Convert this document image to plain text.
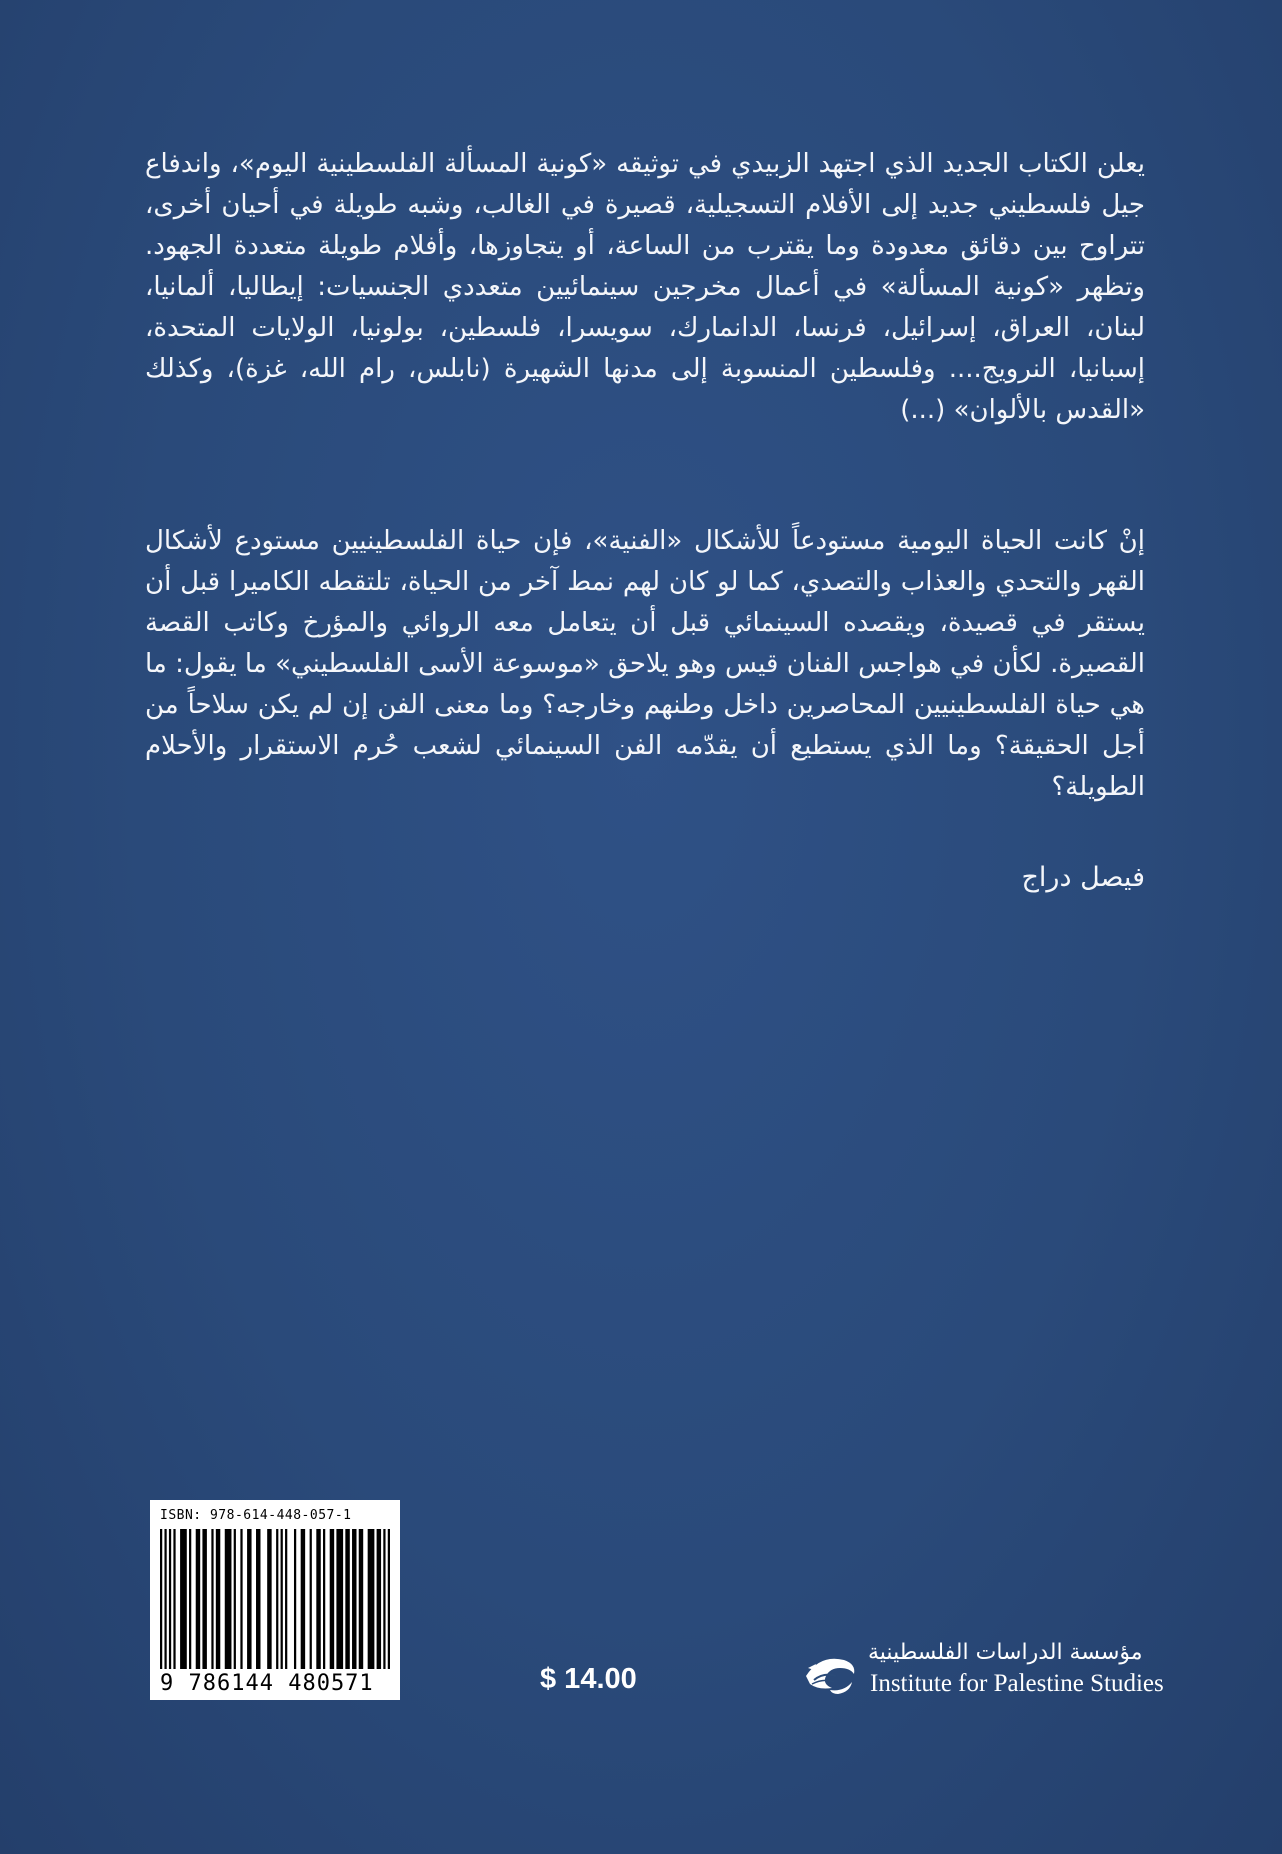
يعلن الكتاب الجديد الذي اجتهد الزبيدي في توثيقه «كونية المسألة الفلسطينية اليوم»، واندفاع جيل فلسطيني جديد إلى الأفلام التسجيلية، قصيرة في الغالب، وشبه طويلة في أحيان أخرى، تتراوح بين دقائق معدودة وما يقترب من الساعة، أو يتجاوزها، وأفلام طويلة متعددة الجهود. وتظهر «كونية المسألة» في أعمال مخرجين سينمائيين متعددي الجنسيات: إيطاليا، ألمانيا، لبنان، العراق، إسرائيل، فرنسا، الدانمارك، سويسرا، فلسطين، بولونيا، الولايات المتحدة، إسبانيا، النرويج.... وفلسطين المنسوبة إلى مدنها الشهيرة (نابلس، رام الله، غزة)، وكذلك «القدس بالألوان» (...)

إنْ كانت الحياة اليومية مستودعاً للأشكال «الفنية»، فإن حياة الفلسطينيين مستودع لأشكال القهر والتحدي والعذاب والتصدي، كما لو كان لهم نمط آخر من الحياة، تلتقطه الكاميرا قبل أن يستقر في قصيدة، ويقصده السينمائي قبل أن يتعامل معه الروائي والمؤرخ وكاتب القصة القصيرة. لكأن في هواجس الفنان قيس وهو يلاحق «موسوعة الأسى الفلسطيني» ما يقول: ما هي حياة الفلسطينيين المحاصرين داخل وطنهم وخارجه؟ وما معنى الفن إن لم يكن سلاحاً من أجل الحقيقة؟ وما الذي يستطيع أن يقدّمه الفن السينمائي لشعب حُرم الاستقرار والأحلام الطويلة؟

فيصل دراج
ISBN: 978-614-448-057-1
9 786144 480571	$ 14.00
مؤسسة الدراسات الفلسطينية
Institute for Palestine Studies
